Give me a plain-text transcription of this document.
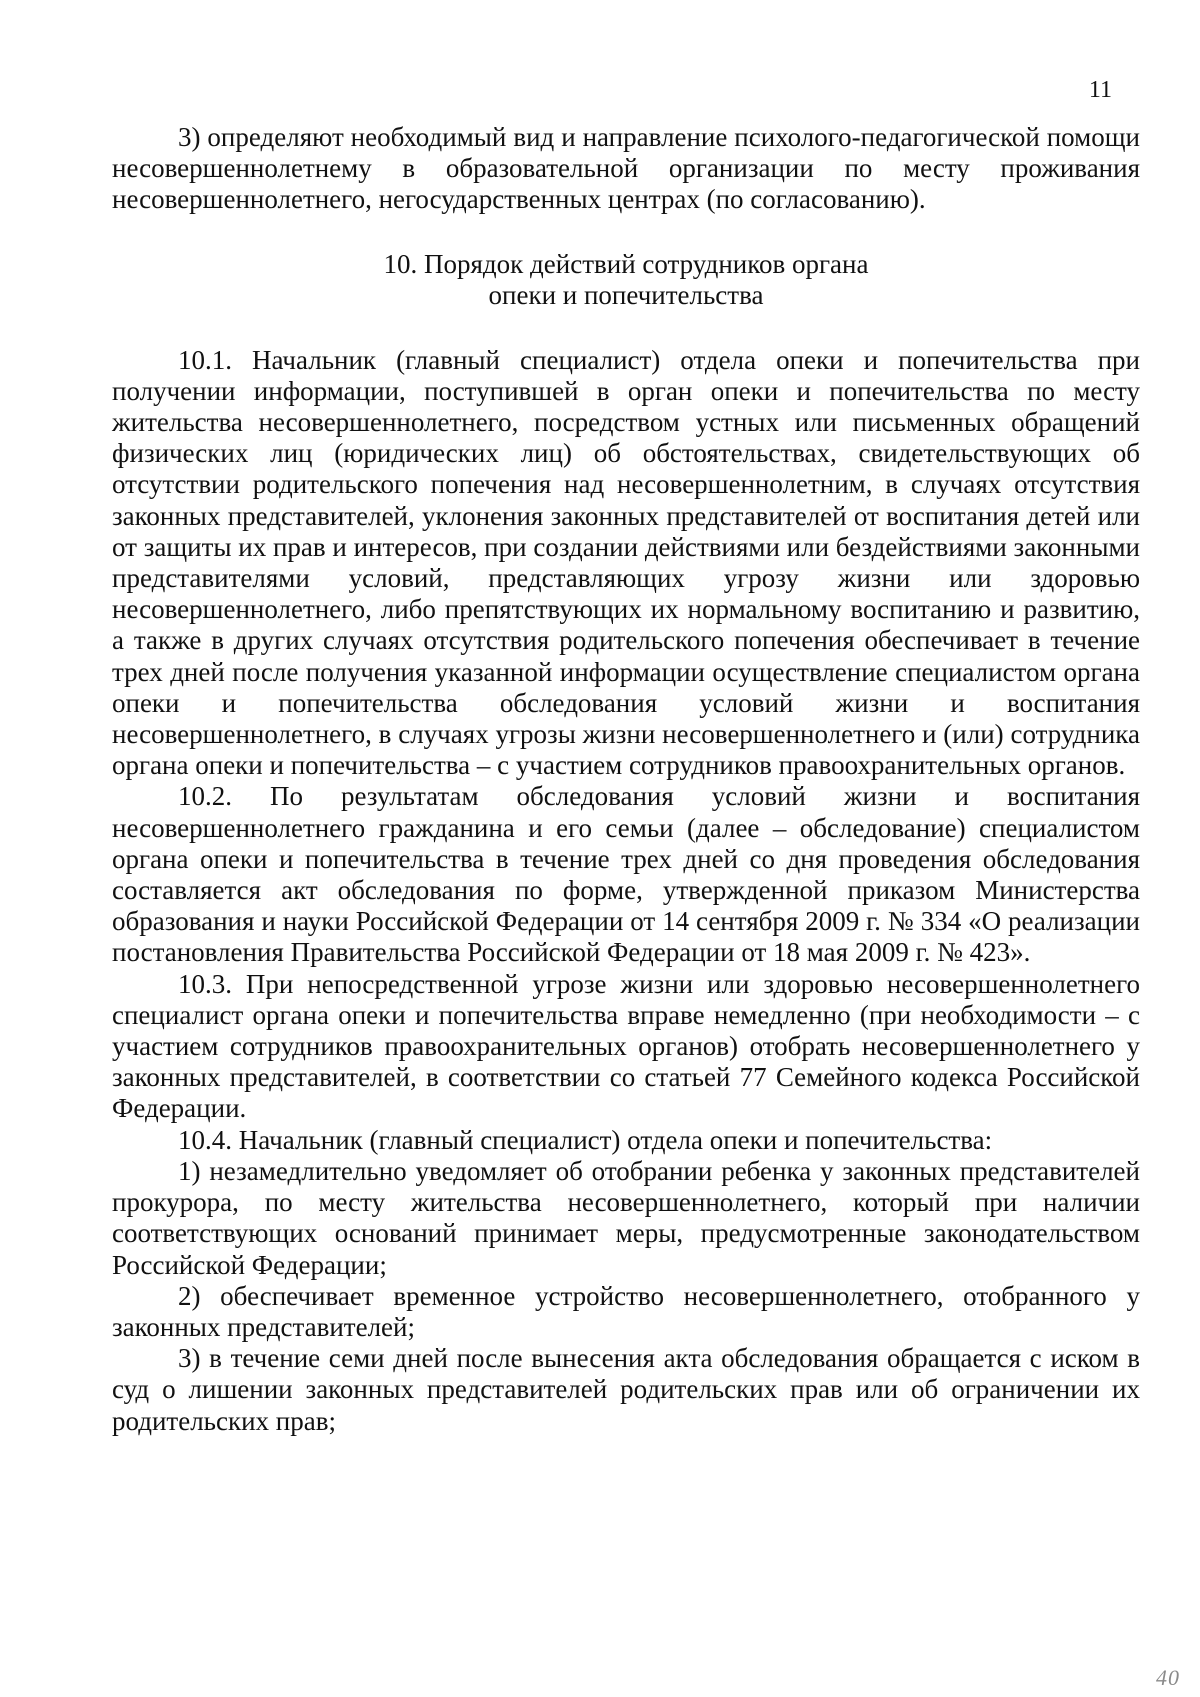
11

3) определяют необходимый вид и направление психолого-педагогической помощи несовершеннолетнему в образовательной организации по месту проживания несовершеннолетнего, негосударственных центрах (по согласованию).

10. Порядок действий сотрудников органа
опеки и попечительства

10.1. Начальник (главный специалист) отдела опеки и попечительства при получении информации, поступившей в орган опеки и попечительства по месту жительства несовершеннолетнего, посредством устных или письменных обращений физических лиц (юридических лиц) об обстоятельствах, свидетельствующих об отсутствии родительского попечения над несовершеннолетним, в случаях отсутствия законных представителей, уклонения законных представителей от воспитания детей или от защиты их прав и интересов, при создании действиями или бездействиями законными представителями условий, представляющих угрозу жизни или здоровью несовершеннолетнего, либо препятствующих их нормальному воспитанию и развитию, а также в других случаях отсутствия родительского попечения обеспечивает в течение трех дней после получения указанной информации осуществление специалистом органа опеки и попечительства обследования условий жизни и воспитания несовершеннолетнего, в случаях угрозы жизни несовершеннолетнего и (или) сотрудника органа опеки и попечительства – с участием сотрудников правоохранительных органов.

10.2. По результатам обследования условий жизни и воспитания несовершеннолетнего гражданина и его семьи (далее – обследование) специалистом органа опеки и попечительства в течение трех дней со дня проведения обследования составляется акт обследования по форме, утвержденной приказом Министерства образования и науки Российской Федерации от 14 сентября 2009 г. № 334 «О реализации постановления Правительства Российской Федерации от 18 мая 2009 г. № 423».

10.3. При непосредственной угрозе жизни или здоровью несовершеннолетнего специалист органа опеки и попечительства вправе немедленно (при необходимости – с участием сотрудников правоохранительных органов) отобрать несовершеннолетнего у законных представителей, в соответствии со статьей 77 Семейного кодекса Российской Федерации.

10.4. Начальник (главный специалист) отдела опеки и попечительства:

1) незамедлительно уведомляет об отобрании ребенка у законных представителей прокурора, по месту жительства несовершеннолетнего, который при наличии соответствующих оснований принимает меры, предусмотренные законодательством Российской Федерации;

2) обеспечивает временное устройство несовершеннолетнего, отобранного у законных представителей;

3) в течение семи дней после вынесения акта обследования обращается с иском в суд о лишении законных представителей родительских прав или об ограничении их родительских прав;

40
